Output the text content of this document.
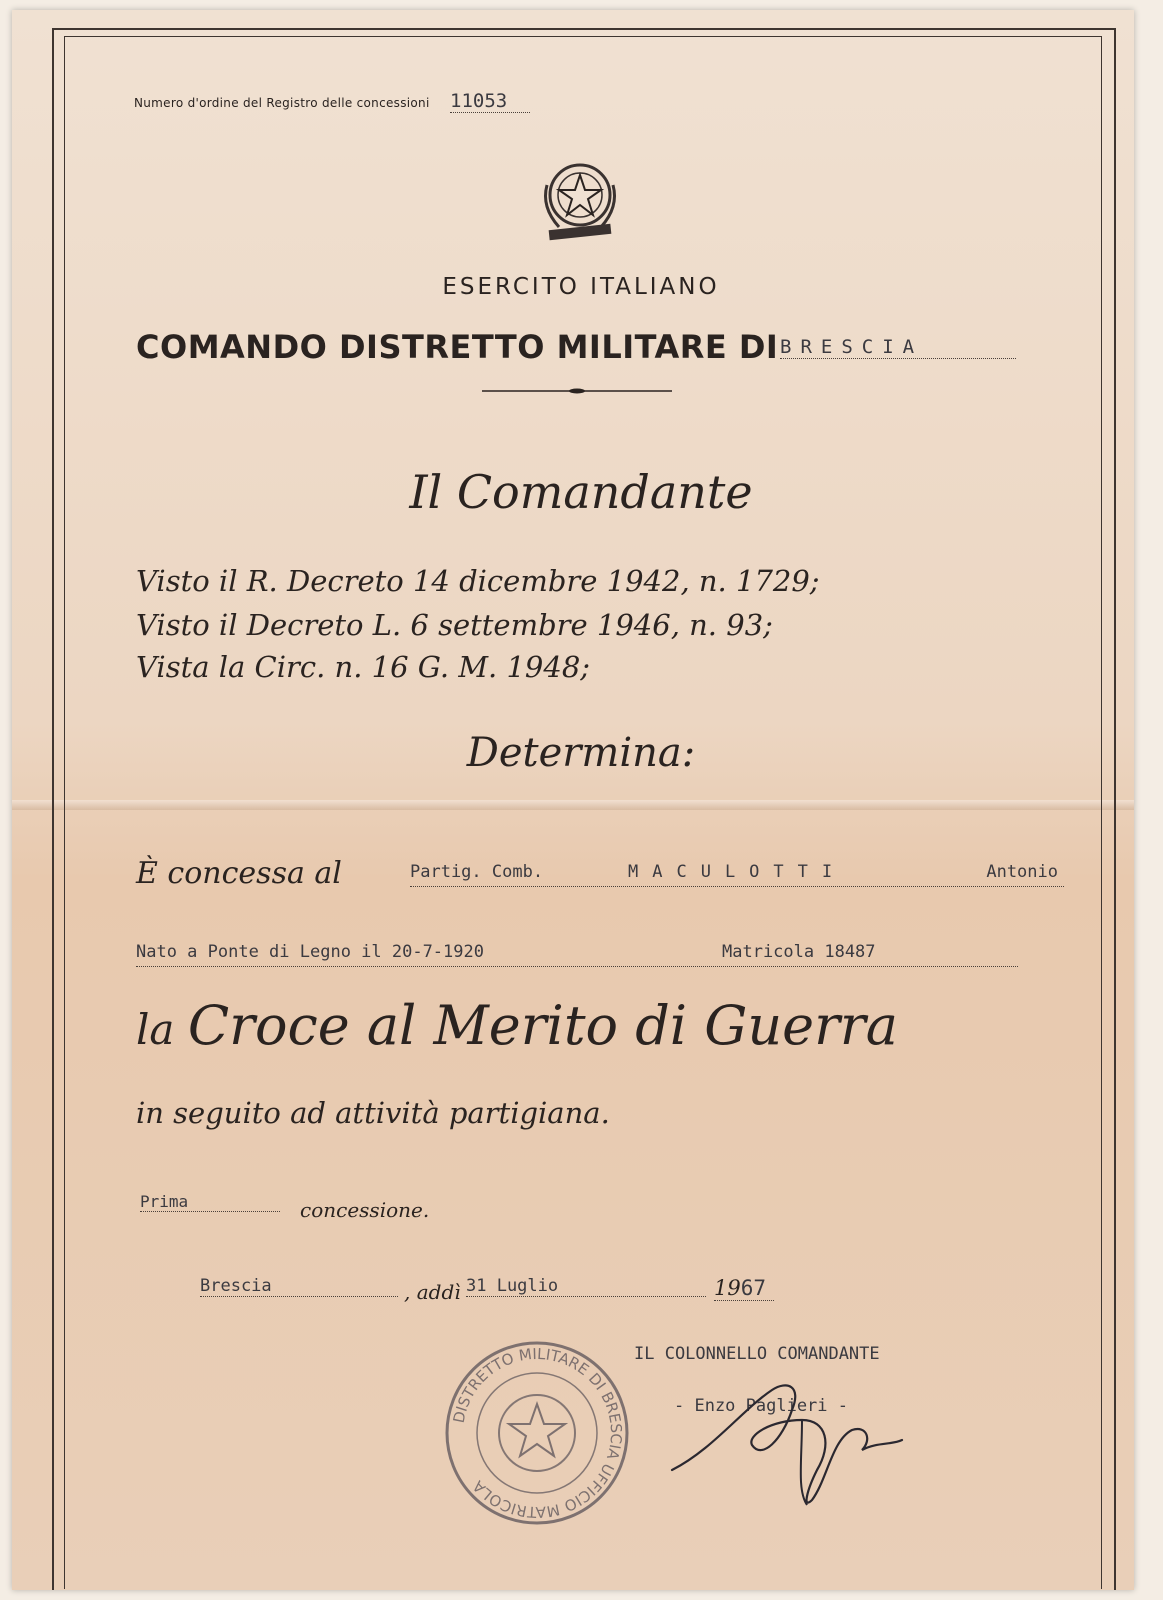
Numero d'ordine del Registro delle concessioni 11053
ESERCITO ITALIANO
COMANDO DISTRETTO MILITARE DI BRESCIA
Il Comandante
Visto il R. Decreto 14 dicembre 1942, n. 1729;
Visto il Decreto L. 6 settembre 1946, n. 93;
Vista la Circ. n. 16 G. M. 1948;
Determina:
È concessa al	Partig. Comb.	MACULOTTI	Antonio
Nato a Ponte di Legno il 20-7-1920	Matricola 18487
la Croce al Merito di Guerra
in seguito ad attività partigiana.
Prima	concessione.
Brescia	, addì 31 Luglio	1967
DISTRETTO MILITARE DI BRESCIA UFFICIO MATRICOLA
IL COLONNELLO COMANDANTE
- Enzo Paglieri -
